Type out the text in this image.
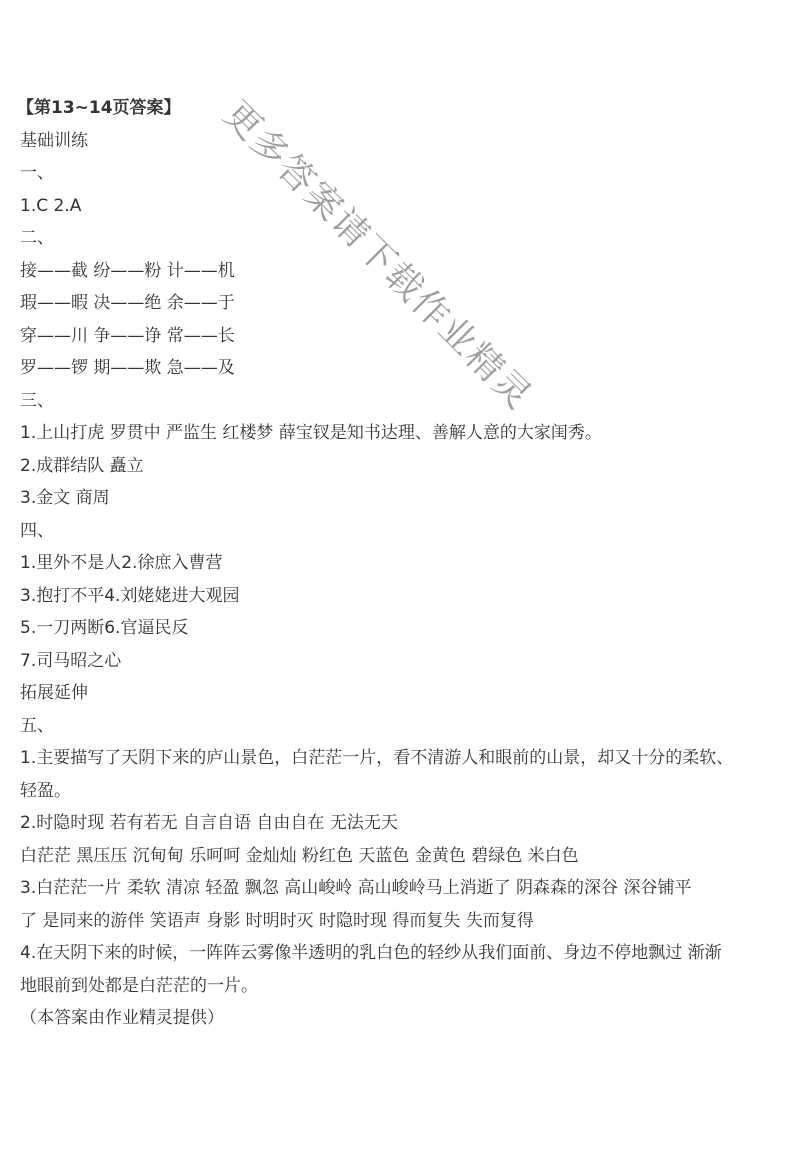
【第13~14页答案】
基础训练
一、
1.C 2.A
二、
接——截 纷——粉 计——机
瑕——暇 决——绝 余——于
穿——川 争——诤 常——长
罗——锣 期——欺 急——及
三、
1.上山打虎 罗贯中 严监生 红楼梦 薛宝钗是知书达理、善解人意的大家闺秀。
2.成群结队 矗立
3.金文 商周
四、
1.里外不是人2.徐庶入曹营
3.抱打不平4.刘姥姥进大观园
5.一刀两断6.官逼民反
7.司马昭之心
拓展延伸
五、
1.主要描写了天阴下来的庐山景色，白茫茫一片，看不清游人和眼前的山景，却又十分的柔软、
轻盈。
2.时隐时现 若有若无 自言自语 自由自在 无法无天
白茫茫 黑压压 沉甸甸 乐呵呵 金灿灿 粉红色 天蓝色 金黄色 碧绿色 米白色
3.白茫茫一片 柔软 清凉 轻盈 飘忽 高山峻岭 高山峻岭马上消逝了 阴森森的深谷 深谷铺平
了 是同来的游伴 笑语声 身影 时明时灭 时隐时现 得而复失 失而复得
4.在天阴下来的时候，一阵阵云雾像半透明的乳白色的轻纱从我们面前、身边不停地飘过 渐渐
地眼前到处都是白茫茫的一片。
（本答案由作业精灵提供）
更多答案请下载作业精灵
